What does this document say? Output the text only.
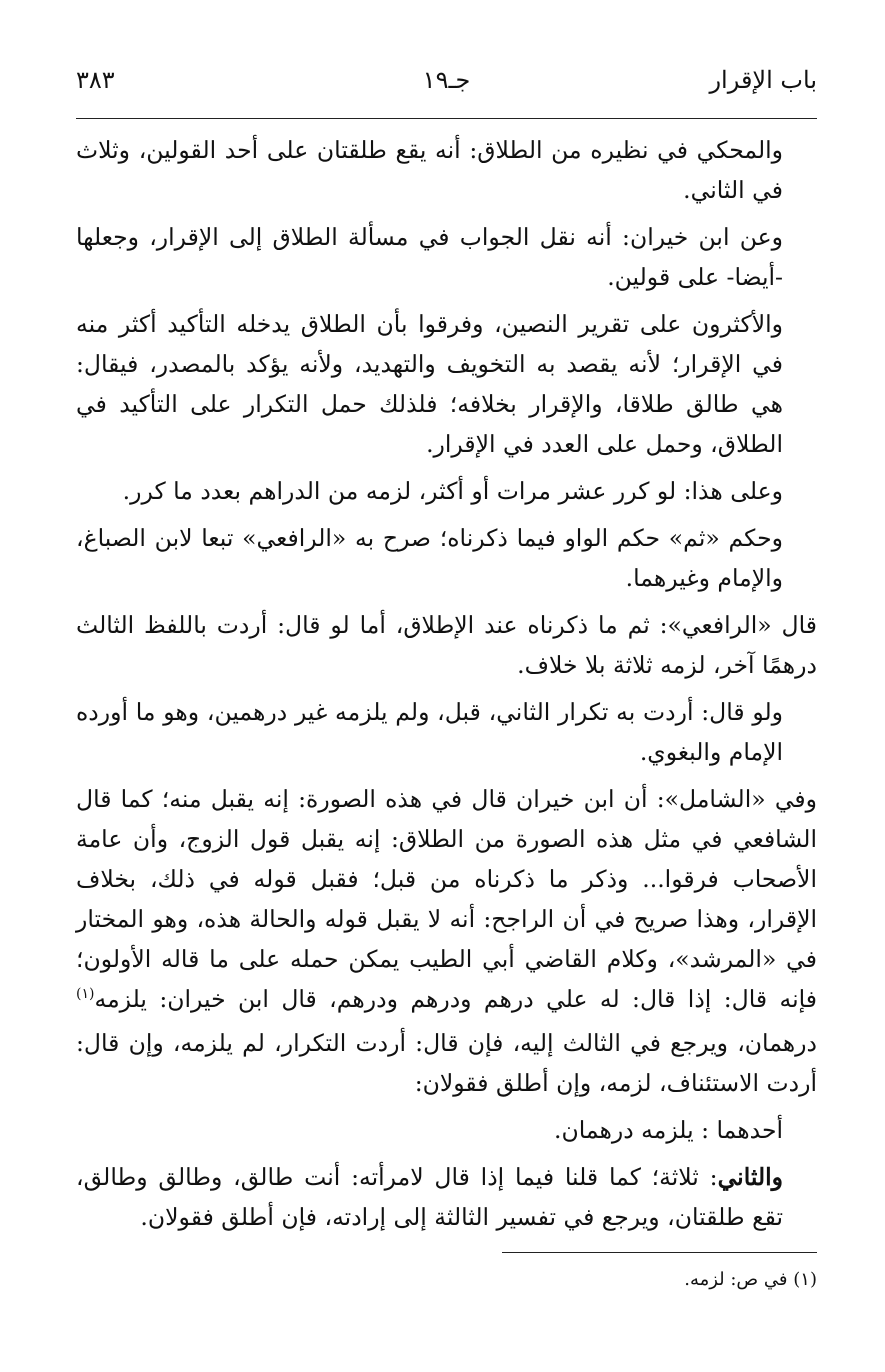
باب الإقرار
جـ١٩
٣٨٣

والمحكي في نظيره من الطلاق: أنه يقع طلقتان على أحد القولين، وثلاث في الثاني.

وعن ابن خيران: أنه نقل الجواب في مسألة الطلاق إلى الإقرار، وجعلها -أيضا- على قولين.

والأكثرون على تقرير النصين، وفرقوا بأن الطلاق يدخله التأكيد أكثر منه في الإقرار؛ لأنه يقصد به التخويف والتهديد، ولأنه يؤكد بالمصدر، فيقال: هي طالق طلاقا، والإقرار بخلافه؛ فلذلك حمل التكرار على التأكيد في الطلاق، وحمل على العدد في الإقرار.

وعلى هذا: لو كرر عشر مرات أو أكثر، لزمه من الدراهم بعدد ما كرر.

وحكم «ثم» حكم الواو فيما ذكرناه؛ صرح به «الرافعي» تبعا لابن الصباغ، والإمام وغيرهما.

قال «الرافعي»: ثم ما ذكرناه عند الإطلاق، أما لو قال: أردت باللفظ الثالث درهمًا آخر، لزمه ثلاثة بلا خلاف.

ولو قال: أردت به تكرار الثاني، قبل، ولم يلزمه غير درهمين، وهو ما أورده الإمام والبغوي.

وفي «الشامل»: أن ابن خيران قال في هذه الصورة: إنه يقبل منه؛ كما قال الشافعي في مثل هذه الصورة من الطلاق: إنه يقبل قول الزوج، وأن عامة الأصحاب فرقوا... وذكر ما ذكرناه من قبل؛ فقبل قوله في ذلك، بخلاف الإقرار، وهذا صريح في أن الراجح: أنه لا يقبل قوله والحالة هذه، وهو المختار في «المرشد»، وكلام القاضي أبي الطيب يمكن حمله على ما قاله الأولون؛ فإنه قال: إذا قال: له علي درهم ودرهم ودرهم، قال ابن خيران: يلزمه$^{(١)}$ درهمان، ويرجع في الثالث إليه، فإن قال: أردت التكرار، لم يلزمه، وإن قال: أردت الاستئناف، لزمه، وإن أطلق فقولان:

أحدهما : يلزمه درهمان.

والثاني: ثلاثة؛ كما قلنا فيما إذا قال لامرأته: أنت طالق، وطالق وطالق، تقع طلقتان، ويرجع في تفسير الثالثة إلى إرادته، فإن أطلق فقولان.

(١) في ص: لزمه.
